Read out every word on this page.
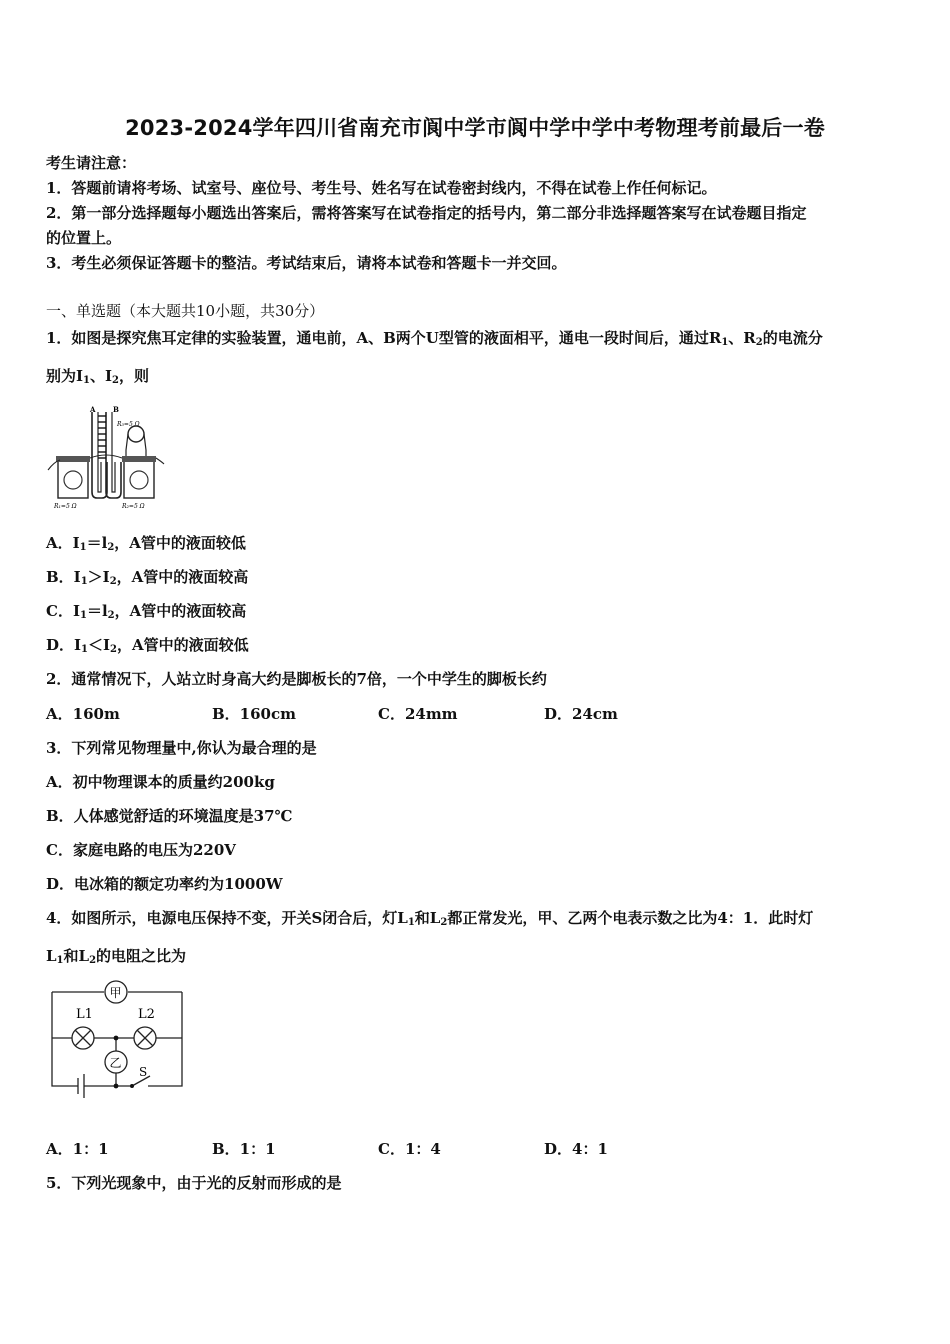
2023-2024学年四川省南充市阆中学市阆中学中学中考物理考前最后一卷
考生请注意：
1．答题前请将考场、试室号、座位号、考生号、姓名写在试卷密封线内，不得在试卷上作任何标记。
2．第一部分选择题每小题选出答案后，需将答案写在试卷指定的括号内，第二部分非选择题答案写在试卷题目指定
的位置上。
3．考生必须保证答题卡的整洁。考试结束后，请将本试卷和答题卡一并交回。
一、单选题（本大题共10小题，共30分）
1．如图是探究焦耳定律的实验装置，通电前，A、B两个U型管的液面相平，通电一段时间后，通过$R_1$、$R_2$的电流分
别为$I_1$、$I_2$，则
A	B
R₃=5 Ω
R₁=5 Ω	R₂=5 Ω
A．$I_1=l_2$，A管中的液面较低
B．$I_1>I_2$，A管中的液面较高
C．$I_1=l_2$，A管中的液面较高
D．$I_1<I_2$，A管中的液面较低
2．通常情况下，人站立时身高大约是脚板长的7倍，一个中学生的脚板长约
A．160m	B．160cm	C．24mm	D．24cm
3．下列常见物理量中,你认为最合理的是
A．初中物理课本的质量约200kg
B．人体感觉舒适的环境温度是37℃
C．家庭电路的电压为220V
D．电冰箱的额定功率约为1000W
4．如图所示，电源电压保持不变，开关S闭合后，灯$L_1$和$L_2$都正常发光，甲、乙两个电表示数之比为4：1．此时灯
$L_1$和$L_2$的电阻之比为
甲
乙
L1	L2
S
A．1：1	B．1：1	C．1：4	D．4：1
5．下列光现象中，由于光的反射而形成的是
